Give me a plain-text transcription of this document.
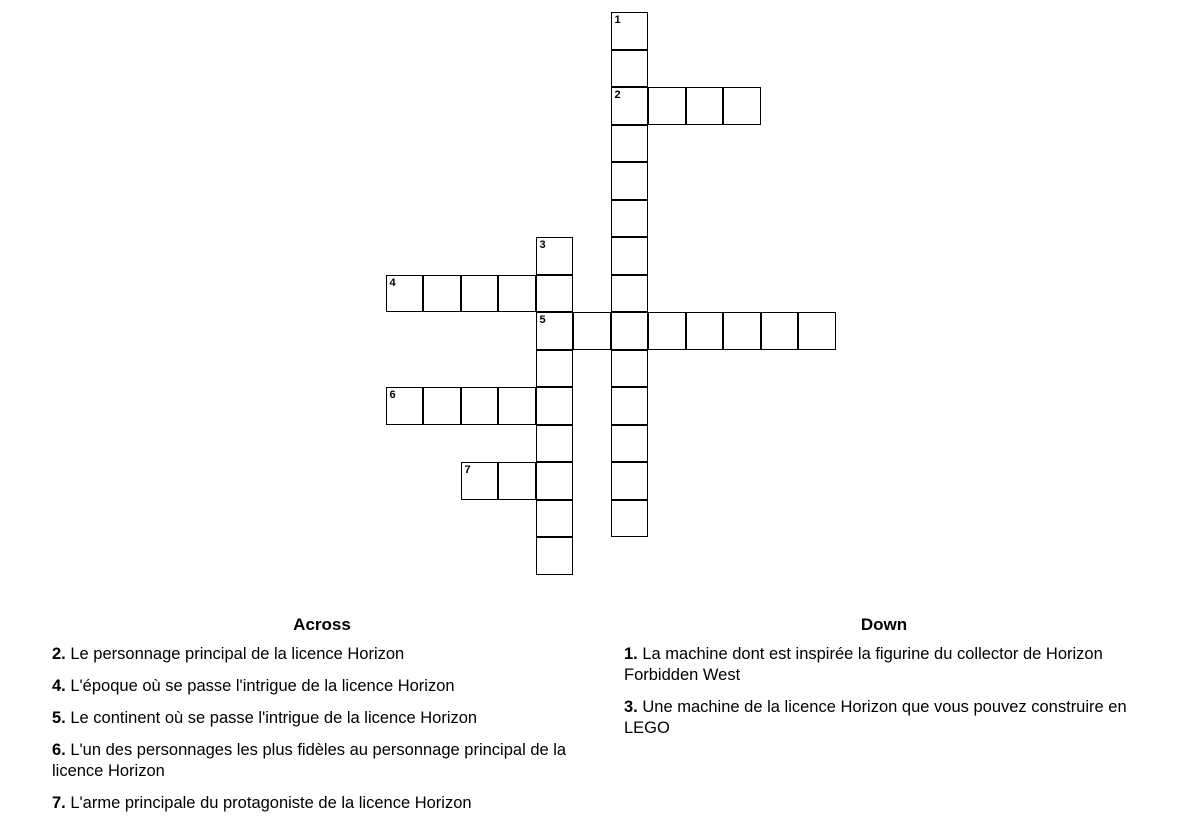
1
2
3
4
5
6
7
Across
2. Le personnage principal de la licence Horizon
4. L'époque où se passe l'intrigue de la licence Horizon
5. Le continent où se passe l'intrigue de la licence Horizon
6. L'un des personnages les plus fidèles au personnage principal de la licence Horizon
7. L'arme principale du protagoniste de la licence Horizon
Down
1. La machine dont est inspirée la figurine du collector de Horizon Forbidden West
3. Une machine de la licence Horizon que vous pouvez construire en LEGO
